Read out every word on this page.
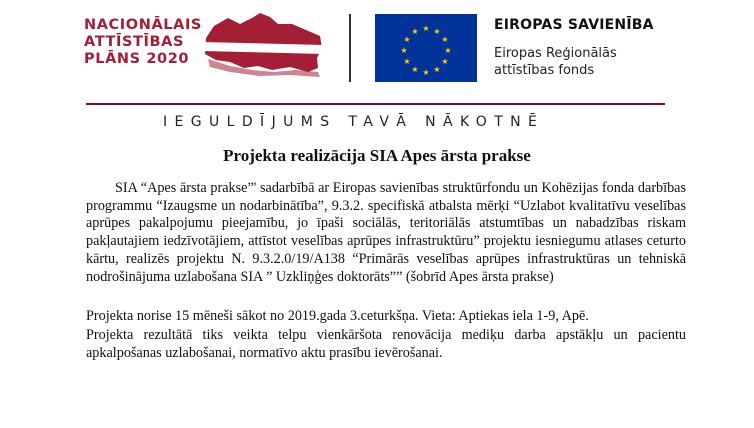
NACIONĀLAIS
ATTĪSTĪBAS
PLĀNS 2020
★ ★
★
★
★
★
★
★
★
★
★
★	EIROPAS SAVIENĪBA
Eiropas Reģionālās
attīstības fonds
IEGULDĪJUMS TAVĀ NĀKOTNĒ
Projekta realizācija SIA Apes ārsta prakse
SIA “Apes ārsta prakse”' sadarbībā ar Eiropas savienības struktūrfondu un Kohēzijas fonda darbības programmu “Izaugsme un nodarbinātība”, 9.3.2. specifiskā atbalsta mērķi “Uzlabot kvalitatīvu veselības aprūpes pakalpojumu pieejamību, jo īpaši sociālās, teritoriālās atstumtības un nabadzības riskam pakļautajiem iedzīvotājiem, attīstot veselības aprūpes infrastruktūru” projektu iesniegumu atlases ceturto kārtu, realizēs projektu N. 9.3.2.0/19/A138 “Primārās veselības aprūpes infrastruktūras un tehniskā nodrošinājuma uzlabošana SIA ” Uzkliņģes doktorāts”” (šobrīd Apes ārsta prakse)
Projekta norise 15 mēneši sākot no 2019.gada 3.ceturkšņa. Vieta: Aptiekas iela 1-9, Apē.
Projekta rezultātā tiks veikta telpu vienkāršota renovācija mediķu darba apstākļu un pacientu apkalpošanas uzlabošanai, normatīvo aktu prasību ievērošanai.
